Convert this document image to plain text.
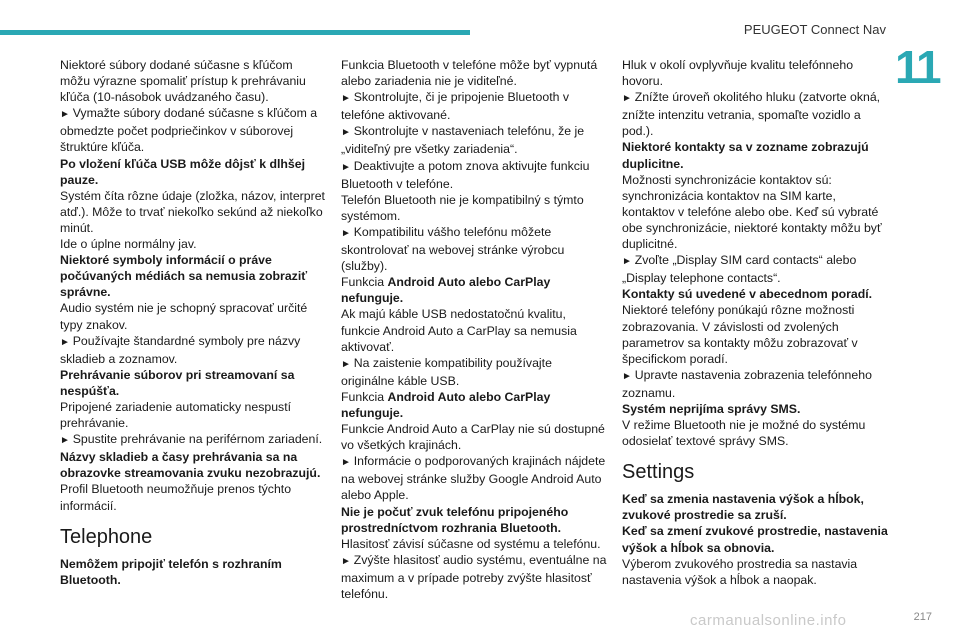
PEUGEOT Connect Nav
11
Niektoré súbory dodané súčasne s kľúčom môžu výrazne spomaliť prístup k prehrávaniu kľúča (10-násobok uvádzaného času).
► Vymažte súbory dodané súčasne s kľúčom a obmedzte počet podpriečinkov v súborovej štruktúre kľúča.
Po vložení kľúča USB môže dôjsť k dlhšej pauze.
Systém číta rôzne údaje (zložka, názov, interpret atď.). Môže to trvať niekoľko sekúnd až niekoľko minút.
Ide o úplne normálny jav.
Niektoré symboly informácií o práve počúvaných médiách sa nemusia zobraziť správne.
Audio systém nie je schopný spracovať určité typy znakov.
► Používajte štandardné symboly pre názvy skladieb a zoznamov.
Prehrávanie súborov pri streamovaní sa nespúšťa.
Pripojené zariadenie automaticky nespustí prehrávanie.
► Spustite prehrávanie na periférnom zariadení.
Názvy skladieb a časy prehrávania sa na obrazovke streamovania zvuku nezobrazujú.
Profil Bluetooth neumožňuje prenos týchto informácií.
Telephone
Nemôžem pripojiť telefón s rozhraním Bluetooth.
Funkcia Bluetooth v telefóne môže byť vypnutá alebo zariadenia nie je viditeľné.
► Skontrolujte, či je pripojenie Bluetooth v telefóne aktivované.
► Skontrolujte v nastaveniach telefónu, že je „viditeľný pre všetky zariadenia“.
► Deaktivujte a potom znova aktivujte funkciu Bluetooth v telefóne.
Telefón Bluetooth nie je kompatibilný s týmto systémom.
► Kompatibilitu vášho telefónu môžete skontrolovať na webovej stránke výrobcu (služby).
Funkcia Android Auto alebo CarPlay nefunguje.
Ak majú káble USB nedostatočnú kvalitu, funkcie Android Auto a CarPlay sa nemusia aktivovať.
► Na zaistenie kompatibility používajte originálne káble USB.
Funkcia Android Auto alebo CarPlay nefunguje.
Funkcie Android Auto a CarPlay nie sú dostupné vo všetkých krajinách.
► Informácie o podporovaných krajinách nájdete na webovej stránke služby Google Android Auto alebo Apple.
Nie je počuť zvuk telefónu pripojeného prostredníctvom rozhrania Bluetooth.
Hlasitosť závisí súčasne od systému a telefónu.
► Zvýšte hlasitosť audio systému, eventuálne na maximum a v prípade potreby zvýšte hlasitosť telefónu.
Hluk v okolí ovplyvňuje kvalitu telefónneho hovoru.
► Znížte úroveň okolitého hluku (zatvorte okná, znížte intenzitu vetrania, spomaľte vozidlo a pod.).
Niektoré kontakty sa v zozname zobrazujú duplicitne.
Možnosti synchronizácie kontaktov sú: synchronizácia kontaktov na SIM karte, kontaktov v telefóne alebo obe. Keď sú vybraté obe synchronizácie, niektoré kontakty môžu byť duplicitné.
► Zvoľte „Display SIM card contacts“ alebo „Display telephone contacts“.
Kontakty sú uvedené v abecednom poradí.
Niektoré telefóny ponúkajú rôzne možnosti zobrazovania. V závislosti od zvolených parametrov sa kontakty môžu zobrazovať v špecifickom poradí.
► Upravte nastavenia zobrazenia telefónneho zoznamu.
Systém neprijíma správy SMS.
V režime Bluetooth nie je možné do systému odosielať textové správy SMS.
Settings
Keď sa zmenia nastavenia výšok a hĺbok, zvukové prostredie sa zruší.
Keď sa zmení zvukové prostredie, nastavenia výšok a hĺbok sa obnovia.
Výberom zvukového prostredia sa nastavia nastavenia výšok a hĺbok a naopak.
carmanualsonline.info	217
